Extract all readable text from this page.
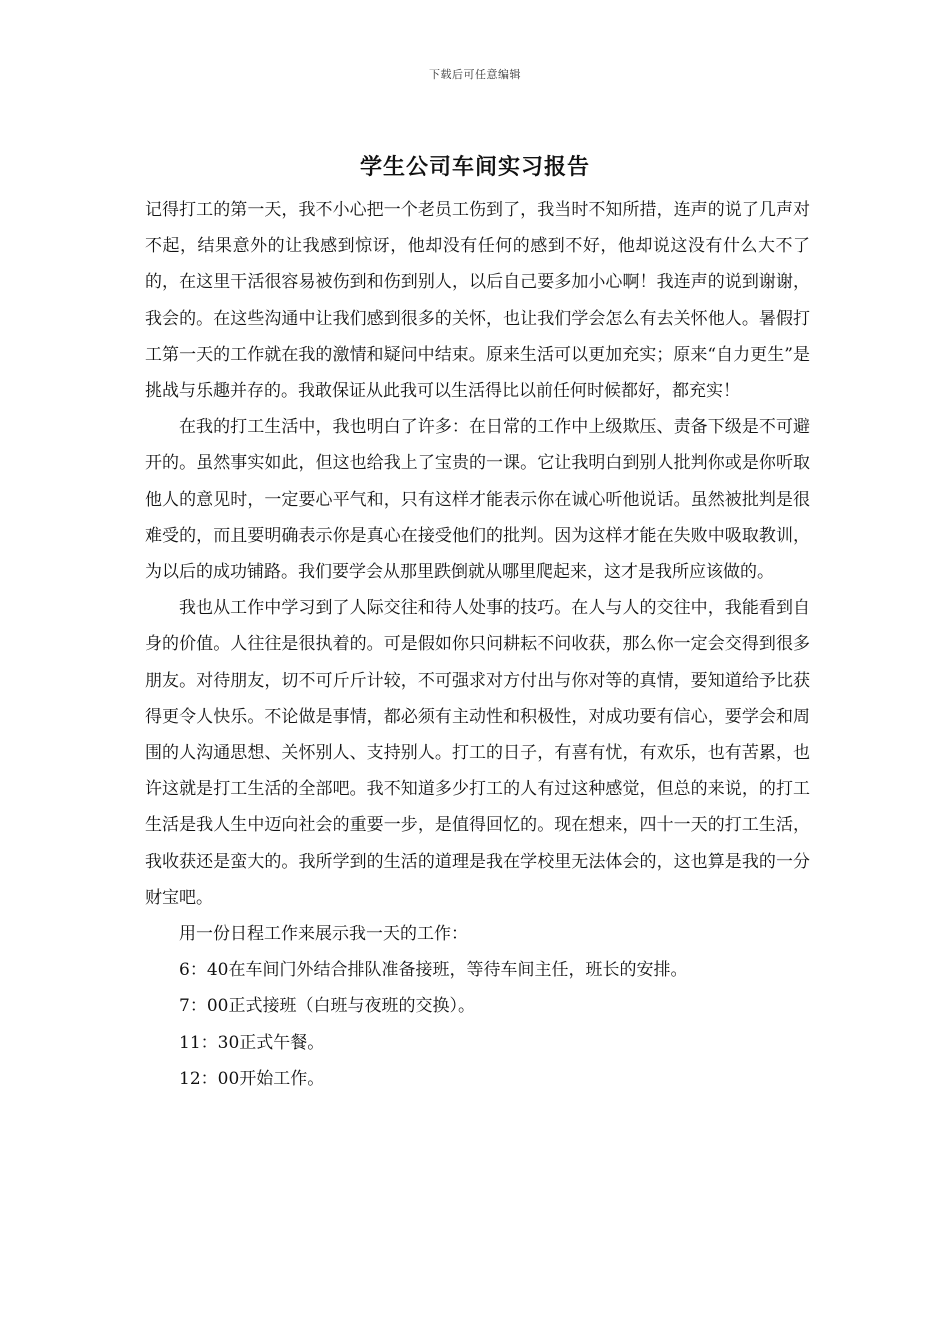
下载后可任意编辑
学生公司车间实习报告

记得打工的第一天，我不小心把一个老员工伤到了，我当时不知所措，连声的说了几声对不起，结果意外的让我感到惊讶，他却没有任何的感到不好，他却说这没有什么大不了的，在这里干活很容易被伤到和伤到别人，以后自己要多加小心啊！我连声的说到谢谢，我会的。在这些沟通中让我们感到很多的关怀，也让我们学会怎么有去关怀他人。暑假打工第一天的工作就在我的激情和疑问中结束。原来生活可以更加充实；原来“自力更生”是挑战与乐趣并存的。我敢保证从此我可以生活得比以前任何时候都好，都充实！

在我的打工生活中，我也明白了许多：在日常的工作中上级欺压、责备下级是不可避开的。虽然事实如此，但这也给我上了宝贵的一课。它让我明白到别人批判你或是你听取他人的意见时，一定要心平气和，只有这样才能表示你在诚心听他说话。虽然被批判是很难受的，而且要明确表示你是真心在接受他们的批判。因为这样才能在失败中吸取教训，为以后的成功铺路。我们要学会从那里跌倒就从哪里爬起来，这才是我所应该做的。

我也从工作中学习到了人际交往和待人处事的技巧。在人与人的交往中，我能看到自身的价值。人往往是很执着的。可是假如你只问耕耘不问收获，那么你一定会交得到很多朋友。对待朋友，切不可斤斤计较，不可强求对方付出与你对等的真情，要知道给予比获得更令人快乐。不论做是事情，都必须有主动性和积极性，对成功要有信心，要学会和周围的人沟通思想、关怀别人、支持别人。打工的日子，有喜有忧，有欢乐，也有苦累，也许这就是打工生活的全部吧。我不知道多少打工的人有过这种感觉，但总的来说，的打工生活是我人生中迈向社会的重要一步，是值得回忆的。现在想来，四十一天的打工生活，我收获还是蛮大的。我所学到的生活的道理是我在学校里无法体会的，这也算是我的一分财宝吧。

用一份日程工作来展示我一天的工作：

6：40在车间门外结合排队准备接班，等待车间主任，班长的安排。

7：00正式接班（白班与夜班的交换）。

11：30正式午餐。

12：00开始工作。
